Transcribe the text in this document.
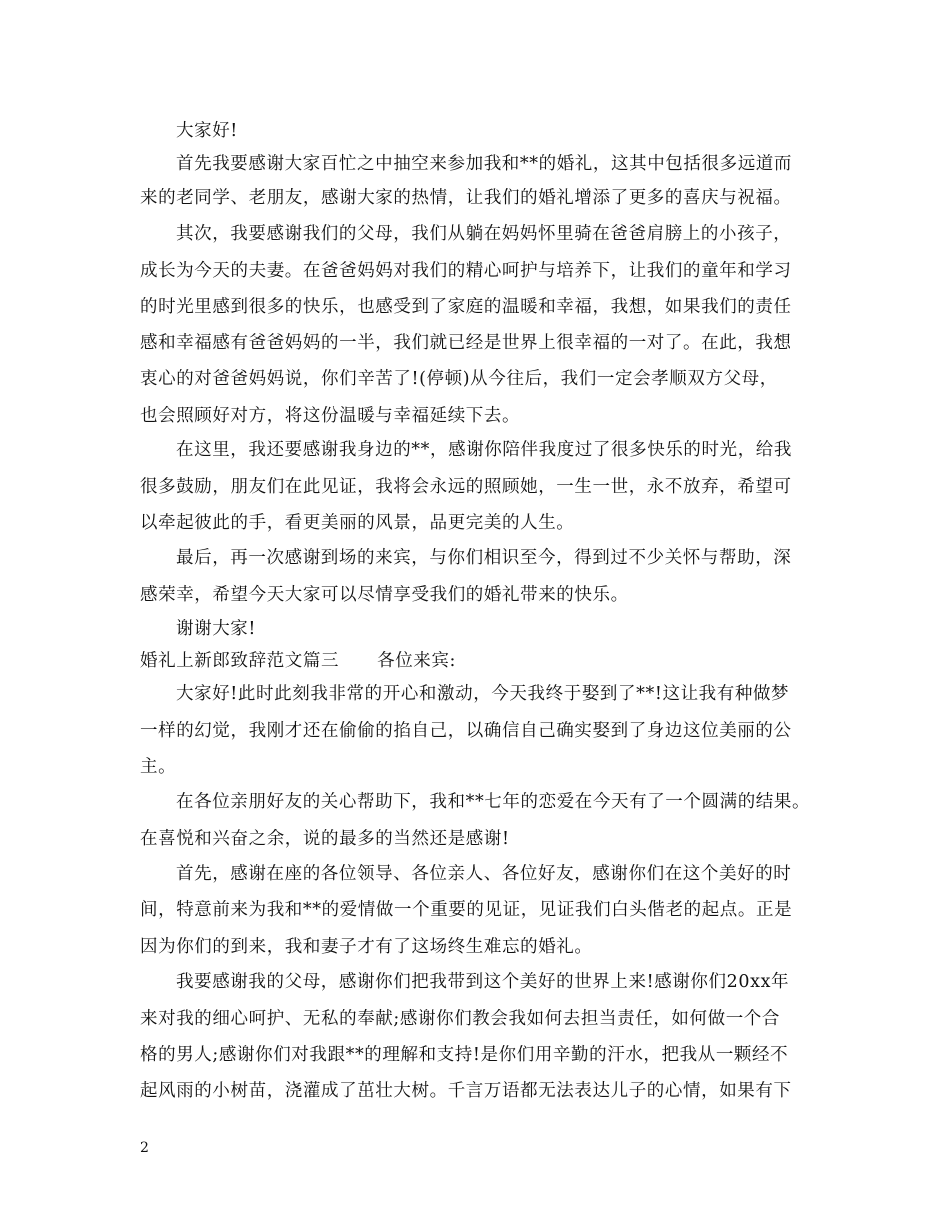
大家好!
首先我要感谢大家百忙之中抽空来参加我和**的婚礼，这其中包括很多远道而
来的老同学、老朋友，感谢大家的热情，让我们的婚礼增添了更多的喜庆与祝福。
其次，我要感谢我们的父母，我们从躺在妈妈怀里骑在爸爸肩膀上的小孩子，
成长为今天的夫妻。在爸爸妈妈对我们的精心呵护与培养下，让我们的童年和学习
的时光里感到很多的快乐，也感受到了家庭的温暖和幸福，我想，如果我们的责任
感和幸福感有爸爸妈妈的一半，我们就已经是世界上很幸福的一对了。在此，我想
衷心的对爸爸妈妈说，你们辛苦了!(停顿)从今往后，我们一定会孝顺双方父母，
也会照顾好对方，将这份温暖与幸福延续下去。
在这里，我还要感谢我身边的**，感谢你陪伴我度过了很多快乐的时光，给我
很多鼓励，朋友们在此见证，我将会永远的照顾她，一生一世，永不放弃，希望可
以牵起彼此的手，看更美丽的风景，品更完美的人生。
最后，再一次感谢到场的来宾，与你们相识至今，得到过不少关怀与帮助，深
感荣幸，希望今天大家可以尽情享受我们的婚礼带来的快乐。
谢谢大家!
婚礼上新郎致辞范文篇三 各位来宾:
大家好!此时此刻我非常的开心和激动，今天我终于娶到了**!这让我有种做梦
一样的幻觉，我刚才还在偷偷的掐自己，以确信自己确实娶到了身边这位美丽的公
主。
在各位亲朋好友的关心帮助下，我和**七年的恋爱在今天有了一个圆满的结果。
在喜悦和兴奋之余，说的最多的当然还是感谢!
首先，感谢在座的各位领导、各位亲人、各位好友，感谢你们在这个美好的时
间，特意前来为我和**的爱情做一个重要的见证，见证我们白头偕老的起点。正是
因为你们的到来，我和妻子才有了这场终生难忘的婚礼。
我要感谢我的父母，感谢你们把我带到这个美好的世界上来!感谢你们20xx年
来对我的细心呵护、无私的奉献;感谢你们教会我如何去担当责任，如何做一个合
格的男人;感谢你们对我跟**的理解和支持!是你们用辛勤的汗水，把我从一颗经不
起风雨的小树苗，浇灌成了茁壮大树。千言万语都无法表达儿子的心情，如果有下
2
